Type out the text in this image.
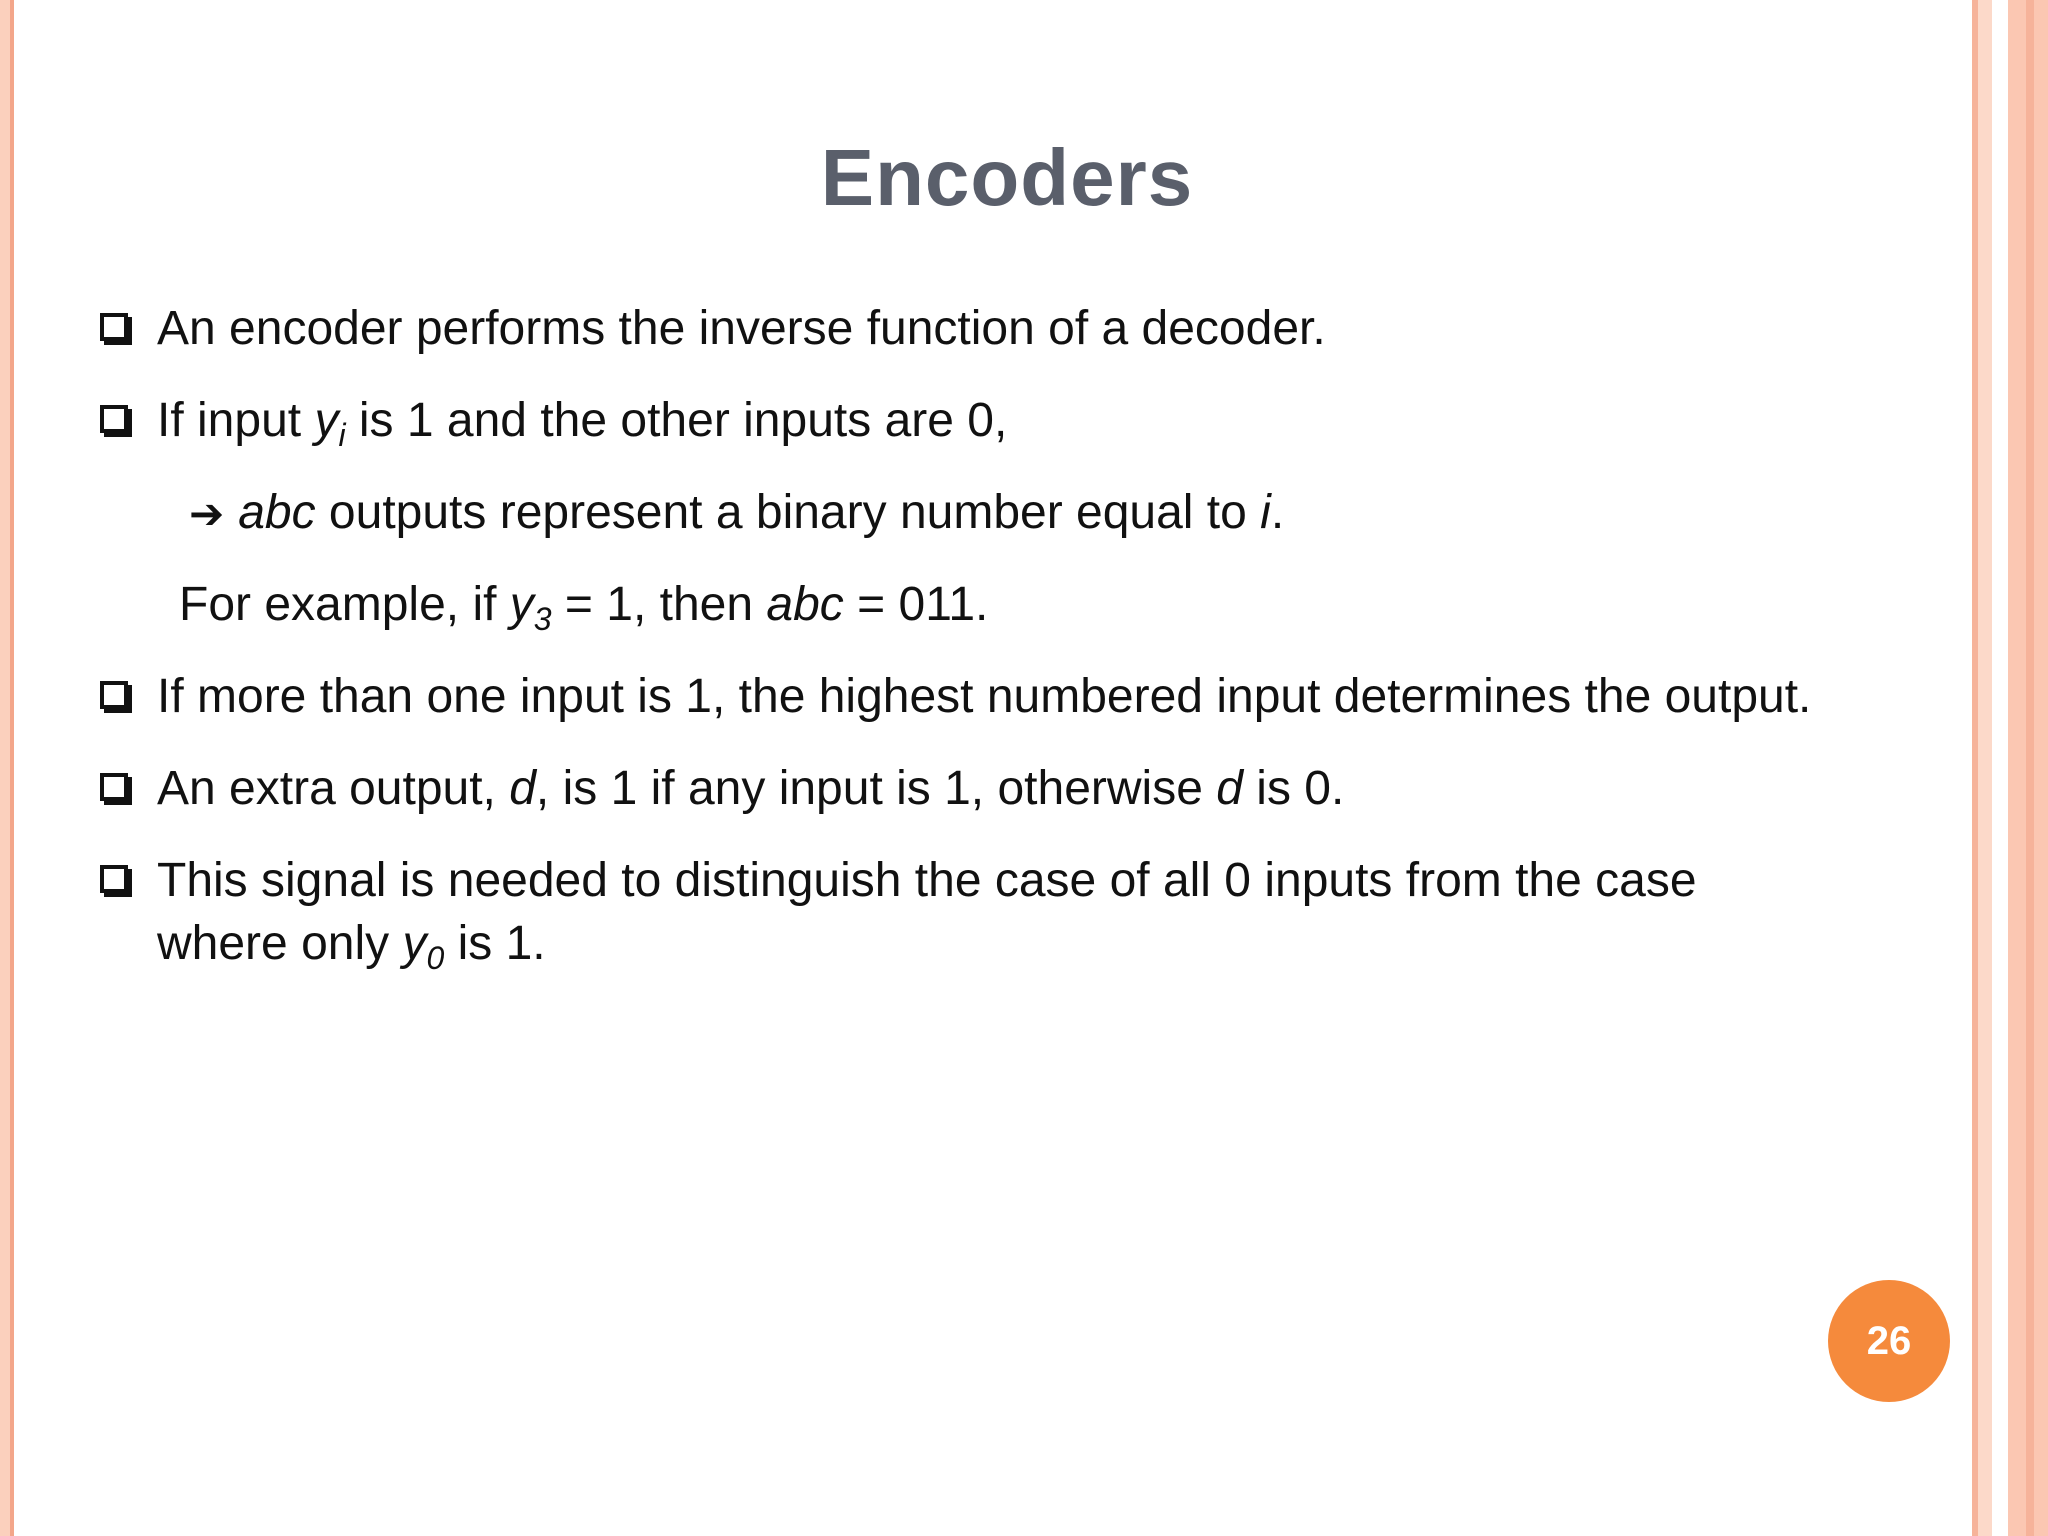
Encoders
An encoder performs the inverse function of a decoder.
If input $y_i$ is 1 and the other inputs are 0,
➔ abc outputs represent a binary number equal to i.
For example, if $y_3 = 1$, then abc = 011.
If more than one input is 1, the highest numbered input determines the output.
An extra output, d, is 1 if any input is 1, otherwise d is 0.
This signal is needed to distinguish the case of all 0 inputs from the case
where only $y_0$ is 1.
26
